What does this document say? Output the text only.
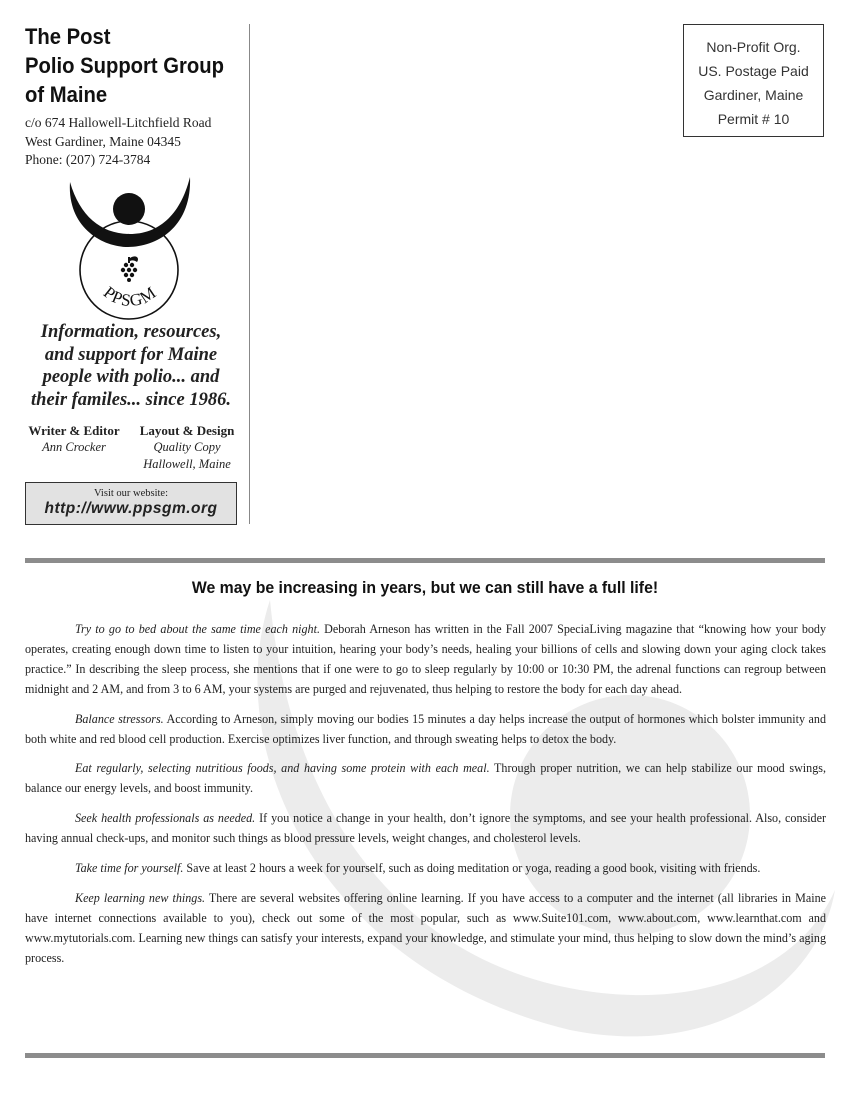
The Post
Polio Support Group
of Maine
c/o 674 Hallowell-Litchfield Road
West Gardiner, Maine 04345
Phone: (207) 724-3784
PPSGM
Information, resources,
and support for Maine
people with polio... and
their familes... since 1986.
Writer & Editor
Ann Crocker
Layout & Design
Quality Copy
Hallowell, Maine
Visit our website:
http://www.ppsgm.org
Non-Profit Org.
US. Postage Paid
Gardiner, Maine
Permit # 10
We may be increasing in years, but we can still have a full life!

Try to go to bed about the same time each night. Deborah Arneson has written in the Fall 2007 SpeciaLiving magazine that “knowing how your body operates, creating enough down time to listen to your intuition, hearing your body’s needs, healing your billions of cells and slowing down your aging clock takes practice.” In describing the sleep process, she mentions that if one were to go to sleep regularly by 10:00 or 10:30 PM, the adrenal functions can regroup between midnight and 2 AM, and from 3 to 6 AM, your systems are purged and rejuvenated, thus helping to restore the body for each day ahead.

Balance stressors. According to Arneson, simply moving our bodies 15 minutes a day helps increase the output of hormones which bolster immunity and both white and red blood cell production. Exercise optimizes liver function, and through sweating helps to detox the body.

Eat regularly, selecting nutritious foods, and having some protein with each meal. Through proper nutrition, we can help stabilize our mood swings, balance our energy levels, and boost immunity.

Seek health professionals as needed. If you notice a change in your health, don’t ignore the symptoms, and see your health professional. Also, consider having annual check-ups, and monitor such things as blood pressure levels, weight changes, and cholesterol levels.

Take time for yourself. Save at least 2 hours a week for yourself, such as doing meditation or yoga, reading a good book, visiting with friends.

Keep learning new things. There are several websites offering online learning. If you have access to a computer and the internet (all libraries in Maine have internet connections available to you), check out some of the most popular, such as www.Suite101.com, www.about.com, www.learnthat.com and www.mytutorials.com. Learning new things can satisfy your interests, expand your knowledge, and stimulate your mind, thus helping to slow down the mind’s aging process.
